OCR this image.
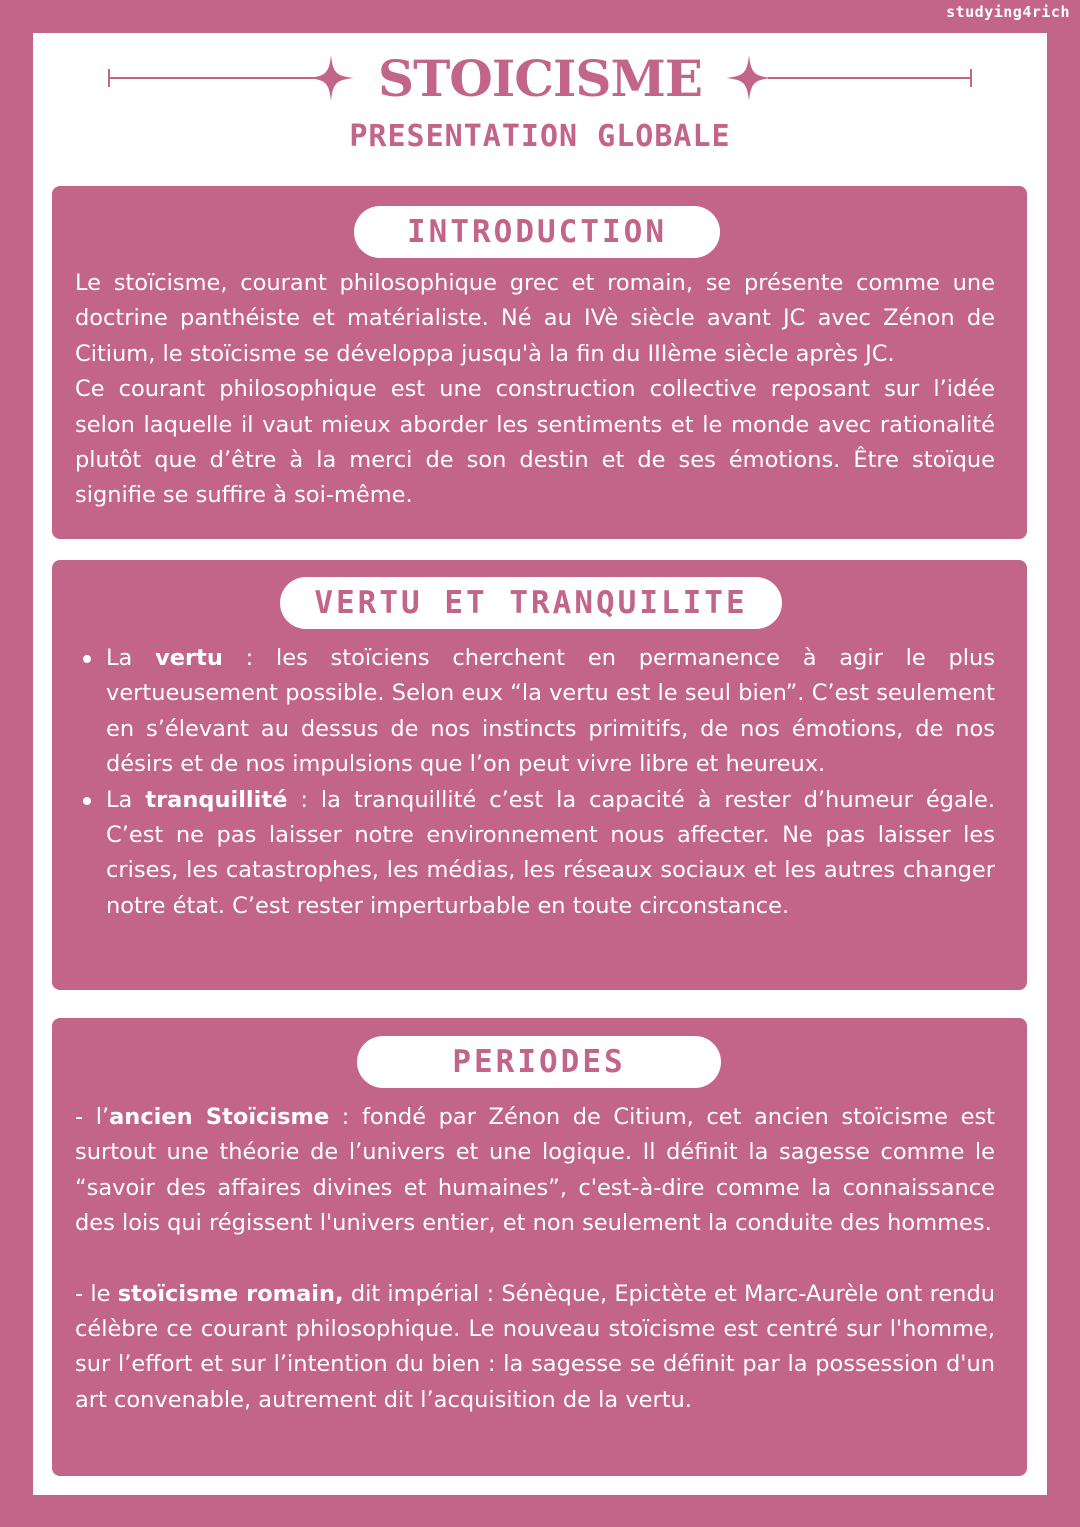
studying4rich
STOICISME
PRESENTATION GLOBALE
INTRODUCTION

Le stoïcisme, courant philosophique grec et romain, se présente comme une doctrine panthéiste et matérialiste. Né au IVè siècle avant JC avec Zénon de Citium, le stoïcisme se développa jusqu'à la fin du IIIème siècle après JC.

Ce courant philosophique est une construction collective reposant sur l’idée selon laquelle il vaut mieux aborder les sentiments et le monde avec rationalité plutôt que d’être à la merci de son destin et de ses émotions. Être stoïque signifie se suffire à soi-même.

VERTU ET TRANQUILITE
La vertu : les stoïciens cherchent en permanence à agir le plus vertueusement possible. Selon eux “la vertu est le seul bien”. C’est seulement en s’élevant au dessus de nos instincts primitifs, de nos émotions, de nos désirs et de nos impulsions que l’on peut vivre libre et heureux.
La tranquillité : la tranquillité c’est la capacité à rester d’humeur égale. C’est ne pas laisser notre environnement nous affecter. Ne pas laisser les crises, les catastrophes, les médias, les réseaux sociaux et les autres changer notre état. C’est rester imperturbable en toute circonstance.
PERIODES

- l’ancien Stoïcisme : fondé par Zénon de Citium, cet ancien stoïcisme est surtout une théorie de l’univers et une logique. Il définit la sagesse comme le “savoir des affaires divines et humaines”, c'est-à-dire comme la connaissance des lois qui régissent l'univers entier, et non seulement la conduite des hommes.

- le stoïcisme romain, dit impérial : Sénèque, Epictète et Marc-Aurèle ont rendu célèbre ce courant philosophique. Le nouveau stoïcisme est centré sur l'homme, sur l’effort et sur l’intention du bien : la sagesse se définit par la possession d'un art convenable, autrement dit l’acquisition de la vertu.
